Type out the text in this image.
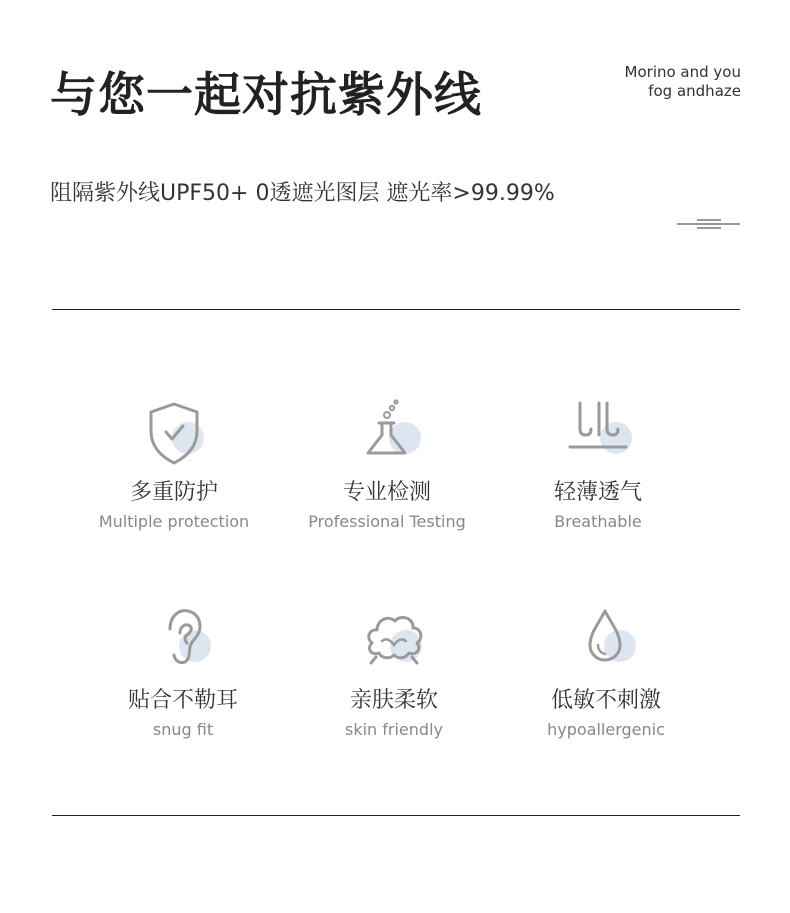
与您一起对抗紫外线	Morino and you
fog andhaze
阻隔紫外线UPF50+ 0透遮光图层 遮光率>99.99%
多重防护
Multiple protection
专业检测
Professional Testing
轻薄透气
Breathable
贴合不勒耳
snug fit
亲肤柔软
skin friendly
低敏不刺激
hypoallergenic
